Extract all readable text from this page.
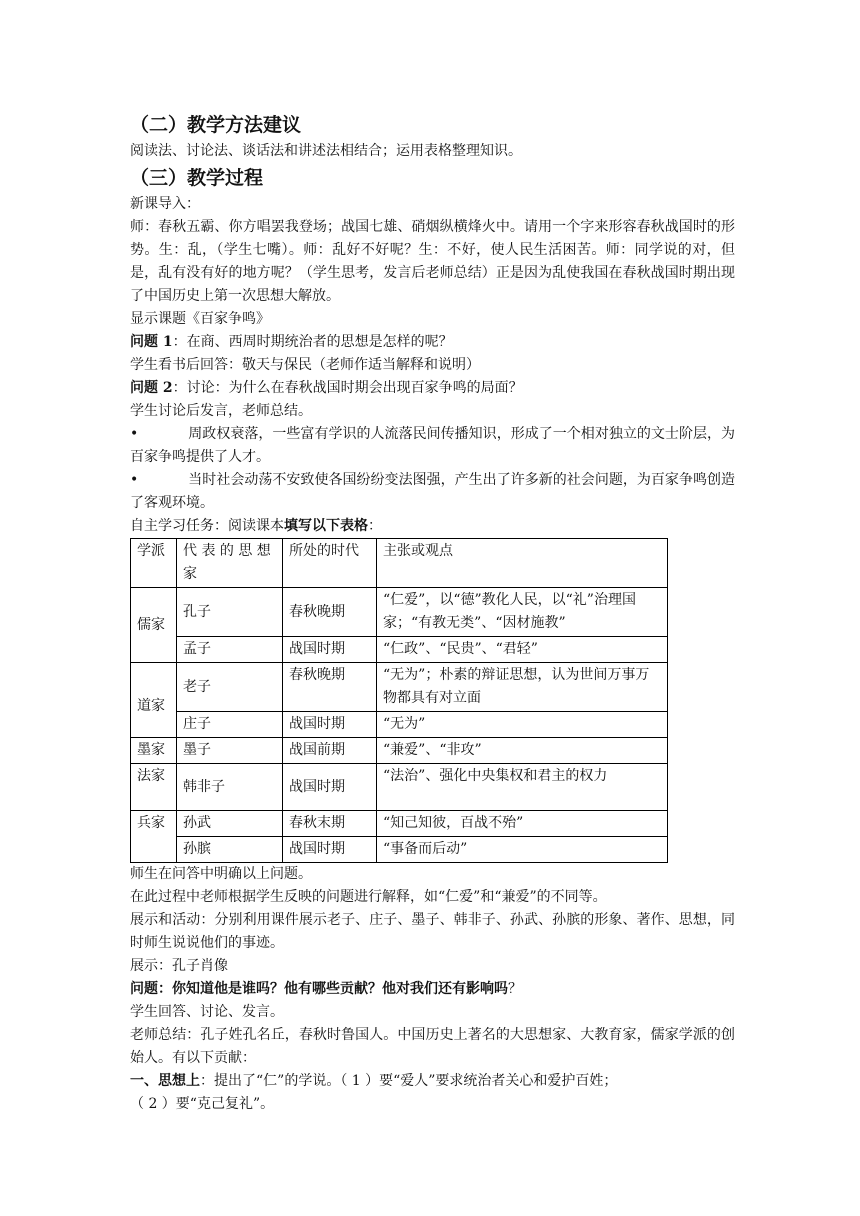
（二）教学方法建议

阅读法、讨论法、谈话法和讲述法相结合；运用表格整理知识。

（三）教学过程

新课导入：

师：春秋五霸、你方唱罢我登场；战国七雄、硝烟纵横烽火中。请用一个字来形容春秋战国时的形势。生：乱，（学生七嘴）。师：乱好不好呢？生：不好，使人民生活困苦。师：同学说的对，但是，乱有没有好的地方呢？（学生思考，发言后老师总结）正是因为乱使我国在春秋战国时期出现了中国历史上第一次思想大解放。

显示课题《百家争鸣》

问题 1：在商、西周时期统治者的思想是怎样的呢？

学生看书后回答：敬天与保民（老师作适当解释和说明）

问题 2：讨论：为什么在春秋战国时期会出现百家争鸣的局面？

学生讨论后发言，老师总结。

•	周政权衰落，一些富有学识的人流落民间传播知识，形成了一个相对独立的文士阶层，为百家争鸣提供了人才。

•	当时社会动荡不安致使各国纷纷变法图强，产生出了许多新的社会问题，为百家争鸣创造了客观环境。

自主学习任务：阅读课本填写以下表格：

学派	代 表 的 思 想 家	所处的时代	主张或观点
儒家	孔子	春秋晚期	“仁爱”，以“德”教化人民，以“礼”治理国家；“有教无类”、“因材施教”
	孟子	战国时期	“仁政”、“民贵”、“君轻”
道家	老子	春秋晚期	“无为”；朴素的辩证思想，认为世间万事万物都具有对立面
	庄子	战国时期	“无为”
墨家	墨子	战国前期	“兼爱”、“非攻”
法家	韩非子	战国时期	“法治”、强化中央集权和君主的权力
兵家	孙武	春秋末期	“知己知彼，百战不殆”
	孙膑	战国时期	“事备而后动”

师生在问答中明确以上问题。

在此过程中老师根据学生反映的问题进行解释，如“仁爱”和“兼爱”的不同等。

展示和活动：分别利用课件展示老子、庄子、墨子、韩非子、孙武、孙膑的形象、著作、思想，同时师生说说他们的事迹。

展示：孔子肖像

问题：你知道他是谁吗？他有哪些贡献？他对我们还有影响吗？

学生回答、讨论、发言。

老师总结：孔子姓孔名丘，春秋时鲁国人。中国历史上著名的大思想家、大教育家，儒家学派的创始人。有以下贡献：

一、思想上：提出了“仁”的学说。（ 1 ）要“爱人”要求统治者关心和爱护百姓；

（ 2 ）要“克己复礼”。
